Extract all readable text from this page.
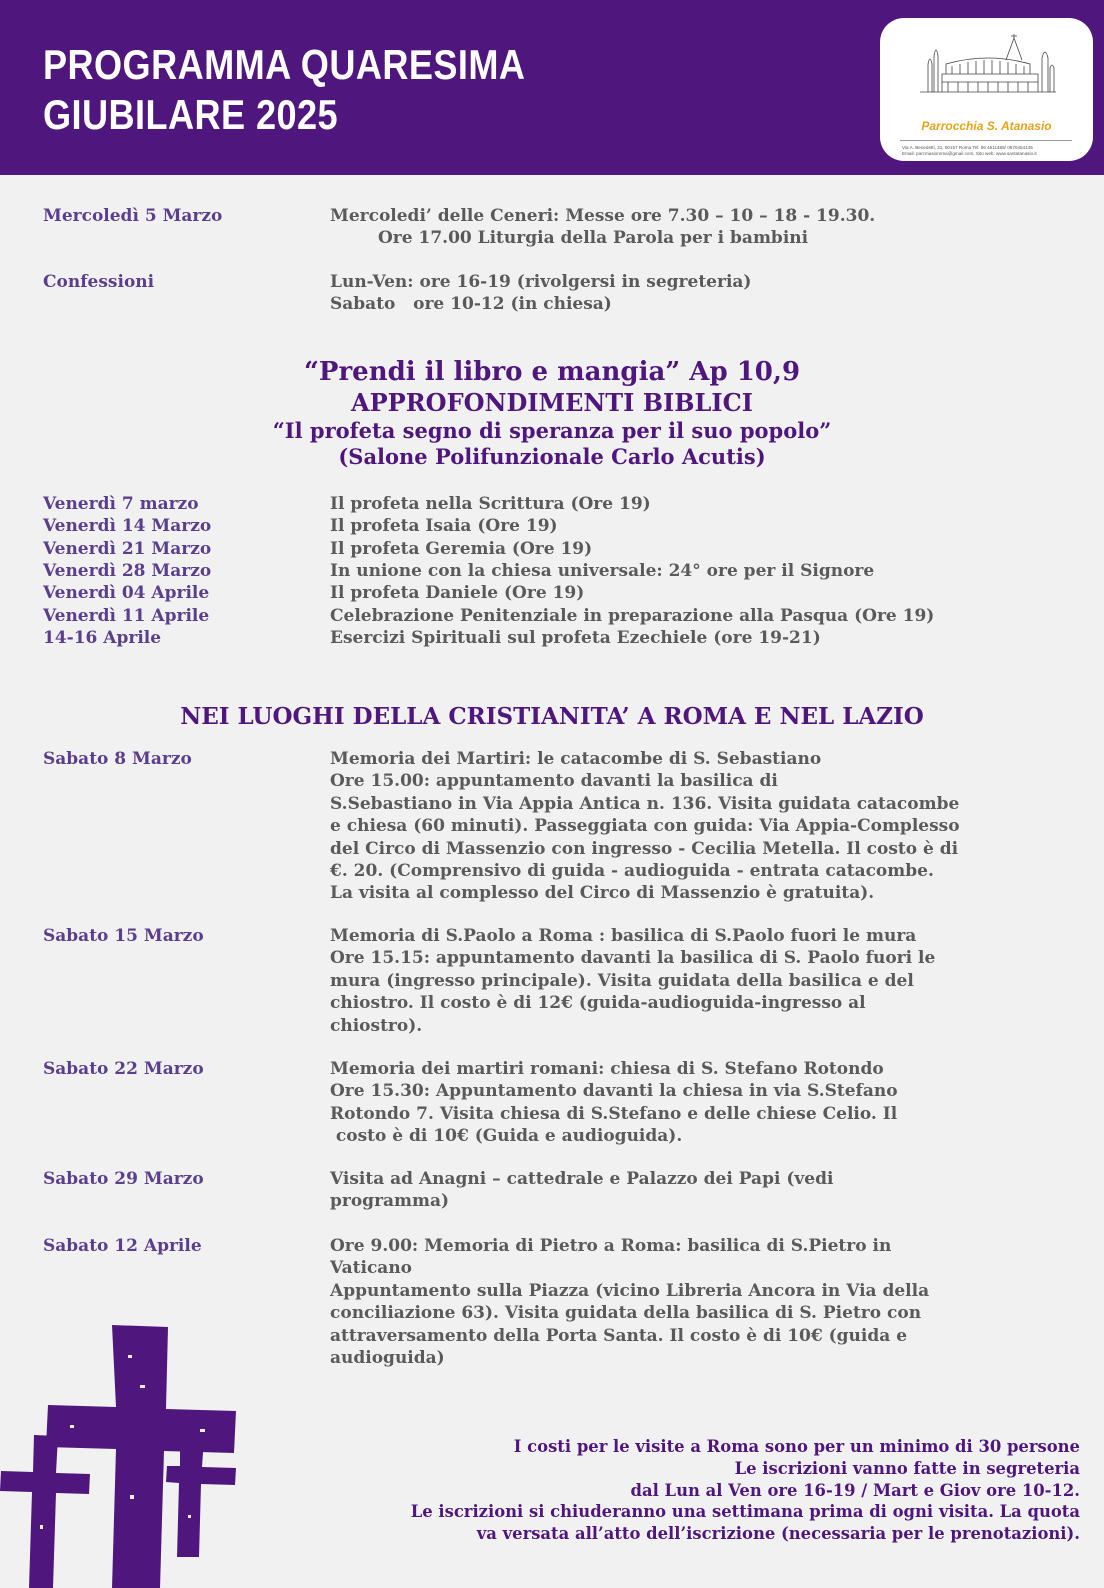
PROGRAMMA QUARESIMA
GIUBILARE 2025	Parrocchia S. Atanasio
Via A. Benedetti, 31, 00157 Roma Tel: 06 4511488/ 0670454145
Email: parcmasioroma@gmail.com, Sito web: www.santatanasio.it
Mercoledì 5 Marzo	Mercoledi’ delle Ceneri: Messe ore 7.30 – 10 – 18 - 19.30.
Ore 17.00 Liturgia della Parola per i bambini
Confessioni	Lun-Ven: ore 16-19 (rivolgersi in segreteria)
Sabato   ore 10-12 (in chiesa)
“Prendi il libro e mangia” Ap 10,9
APPROFONDIMENTI BIBLICI
“Il profeta segno di speranza per il suo popolo”
(Salone Polifunzionale Carlo Acutis)
Venerdì 7 marzo	Il profeta nella Scrittura (Ore 19)
Venerdì 14 Marzo	Il profeta Isaia (Ore 19)
Venerdì 21 Marzo	Il profeta Geremia (Ore 19)
Venerdì 28 Marzo	In unione con la chiesa universale: 24° ore per il Signore
Venerdì 04 Aprile	Il profeta Daniele (Ore 19)
Venerdì 11 Aprile	Celebrazione Penitenziale in preparazione alla Pasqua (Ore 19)
14-16 Aprile	Esercizi Spirituali sul profeta Ezechiele (ore 19-21)
NEI LUOGHI DELLA CRISTIANITA’ A ROMA E NEL LAZIO
Sabato 8 Marzo	Memoria dei Martiri: le catacombe di S. Sebastiano
Ore 15.00: appuntamento davanti la basilica di
S.Sebastiano in Via Appia Antica n. 136. Visita guidata catacombe
e chiesa (60 minuti). Passeggiata con guida: Via Appia-Complesso
del Circo di Massenzio con ingresso - Cecilia Metella. Il costo è di
€. 20. (Comprensivo di guida - audioguida - entrata catacombe.
La visita al complesso del Circo di Massenzio è gratuita).
Sabato 15 Marzo	Memoria di S.Paolo a Roma : basilica di S.Paolo fuori le mura
Ore 15.15: appuntamento davanti la basilica di S. Paolo fuori le
mura (ingresso principale). Visita guidata della basilica e del
chiostro. Il costo è di 12€ (guida-audioguida-ingresso al
chiostro).
Sabato 22 Marzo	Memoria dei martiri romani: chiesa di S. Stefano Rotondo
Ore 15.30: Appuntamento davanti la chiesa in via S.Stefano
Rotondo 7. Visita chiesa di S.Stefano e delle chiese Celio. Il
costo è di 10€ (Guida e audioguida).
Sabato 29 Marzo	Visita ad Anagni – cattedrale e Palazzo dei Papi (vedi
programma)
Sabato 12 Aprile	Ore 9.00: Memoria di Pietro a Roma: basilica di S.Pietro in
Vaticano
Appuntamento sulla Piazza (vicino Libreria Ancora in Via della
conciliazione 63). Visita guidata della basilica di S. Pietro con
attraversamento della Porta Santa. Il costo è di 10€ (guida e
audioguida)
I costi per le visite a Roma sono per un minimo di 30 persone
Le iscrizioni vanno fatte in segreteria
dal Lun al Ven ore 16-19 / Mart e Giov ore 10-12.
Le iscrizioni si chiuderanno una settimana prima di ogni visita. La quota
va versata all’atto dell’iscrizione (necessaria per le prenotazioni).
